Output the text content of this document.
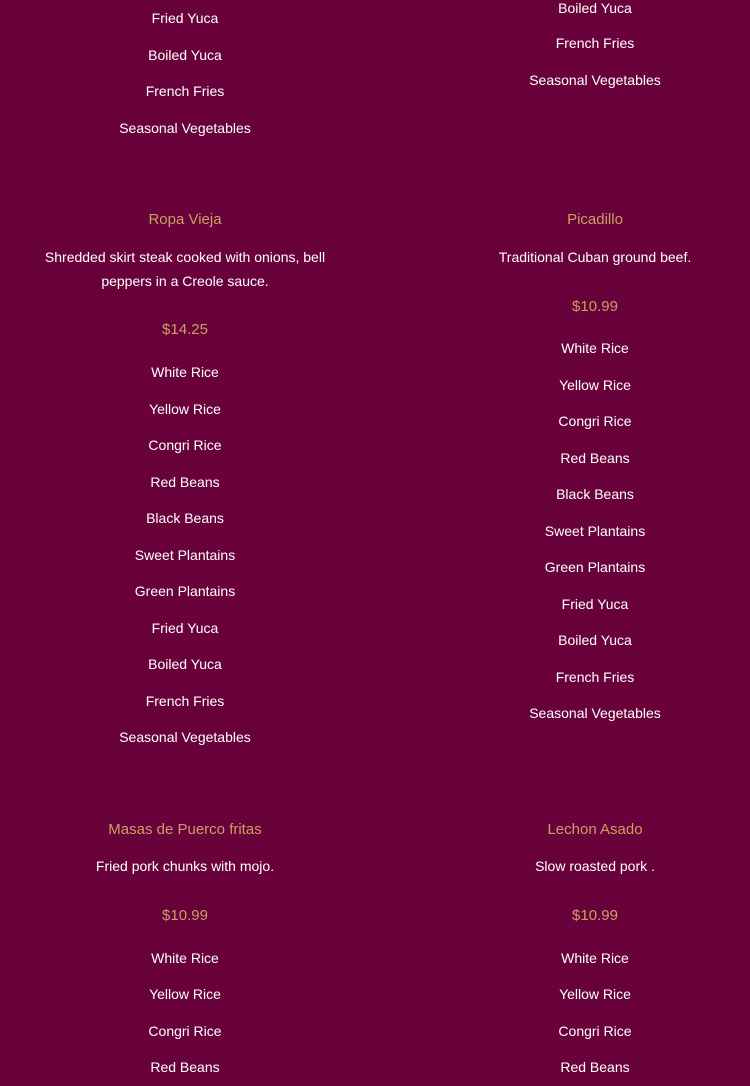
Fried Yuca
Boiled Yuca
French Fries
Seasonal Vegetables
Boiled Yuca
French Fries
Seasonal Vegetables
Ropa Vieja
Shredded skirt steak cooked with onions, bell peppers in a Creole sauce.
$14.25
White Rice
Yellow Rice
Congri Rice
Red Beans
Black Beans
Sweet Plantains
Green Plantains
Fried Yuca
Boiled Yuca
French Fries
Seasonal Vegetables
Picadillo
Traditional Cuban ground beef.
$10.99
White Rice
Yellow Rice
Congri Rice
Red Beans
Black Beans
Sweet Plantains
Green Plantains
Fried Yuca
Boiled Yuca
French Fries
Seasonal Vegetables
Masas de Puerco fritas
Fried pork chunks with mojo.
$10.99
White Rice
Yellow Rice
Congri Rice
Red Beans
Lechon Asado
Slow roasted pork .
$10.99
White Rice
Yellow Rice
Congri Rice
Red Beans
